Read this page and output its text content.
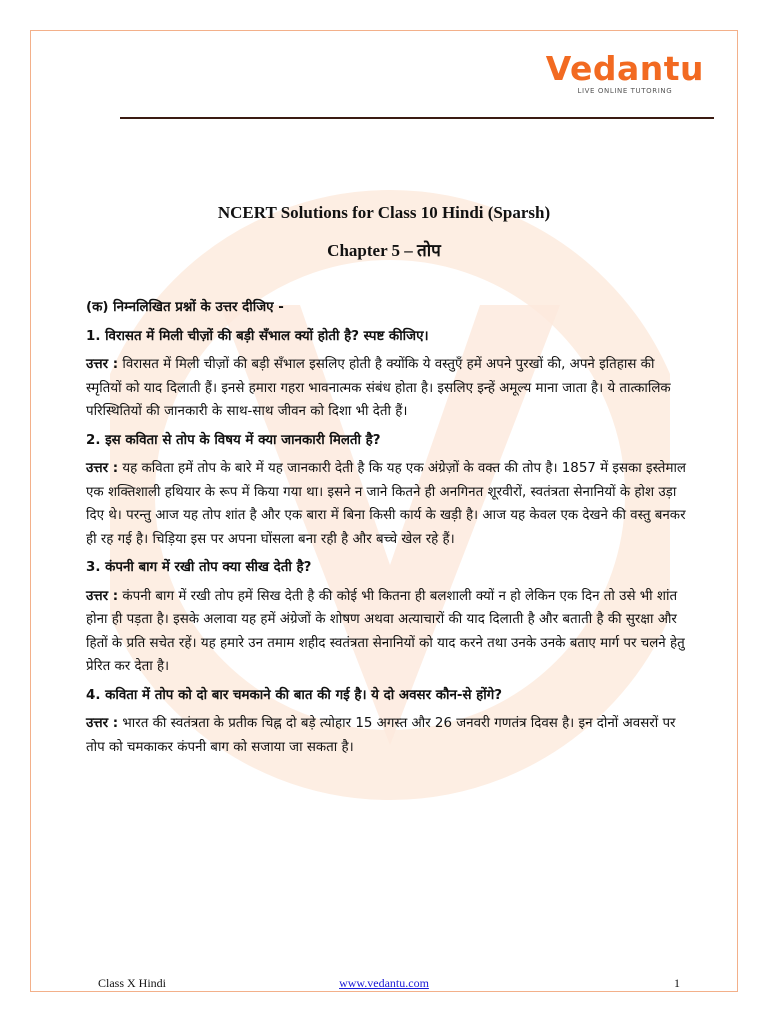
Vedantu
LIVE ONLINE TUTORING
NCERT Solutions for Class 10 Hindi (Sparsh)
Chapter 5 – तोप

(क) निम्नलिखित प्रश्नों के उत्तर दीजिए -

1. विरासत में मिली चीज़ों की बड़ी सँभाल क्यों होती है? स्पष्ट कीजिए।

उत्तर : विरासत में मिली चीज़ों की बड़ी सँभाल इसलिए होती है क्योंकि ये वस्तुएँ हमें अपने पुरखों की, अपने इतिहास की स्मृतियों को याद दिलाती हैं। इनसे हमारा गहरा भावनात्मक संबंध होता है। इसलिए इन्हें अमूल्य माना जाता है। ये तात्कालिक परिस्थितियों की जानकारी के साथ-साथ जीवन को दिशा भी देती हैं।

2. इस कविता से तोप के विषय में क्या जानकारी मिलती है?

उत्तर : यह कविता हमें तोप के बारे में यह जानकारी देती है कि यह एक अंग्रेज़ों के वक्त की तोप है। 1857 में इसका इस्तेमाल एक शक्तिशाली हथियार के रूप में किया गया था। इसने न जाने कितने ही अनगिनत शूरवीरों, स्वतंत्रता सेनानियों के होश उड़ा दिए थे। परन्तु आज यह तोप शांत है और एक बारा में बिना किसी कार्य के खड़ी है। आज यह केवल एक देखने की वस्तु बनकर ही रह गई है। चिड़िया इस पर अपना घोंसला बना रही है और बच्चे खेल रहे हैं।

3. कंपनी बाग में रखी तोप क्या सीख देती है?

उत्तर : कंपनी बाग में रखी तोप हमें सिख देती है की कोई भी कितना ही बलशाली क्यों न हो लेकिन एक दिन तो उसे भी शांत होना ही पड़ता है। इसके अलावा यह हमें अंग्रेजों के शोषण अथवा अत्याचारों की याद दिलाती है और बताती है की सुरक्षा और हितों के प्रति सचेत रहें। यह हमारे उन तमाम शहीद स्वतंत्रता सेनानियों को याद करने तथा उनके उनके बताए मार्ग पर चलने हेतु प्रेरित कर देता है।

4. कविता में तोप को दो बार चमकाने की बात की गई है। ये दो अवसर कौन-से होंगे?

उत्तर : भारत की स्वतंत्रता के प्रतीक चिह्न दो बड़े त्योहार 15 अगस्त और 26 जनवरी गणतंत्र दिवस है। इन दोनों अवसरों पर तोप को चमकाकर कंपनी बाग को सजाया जा सकता है।

Class X Hindi	www.vedantu.com	1
